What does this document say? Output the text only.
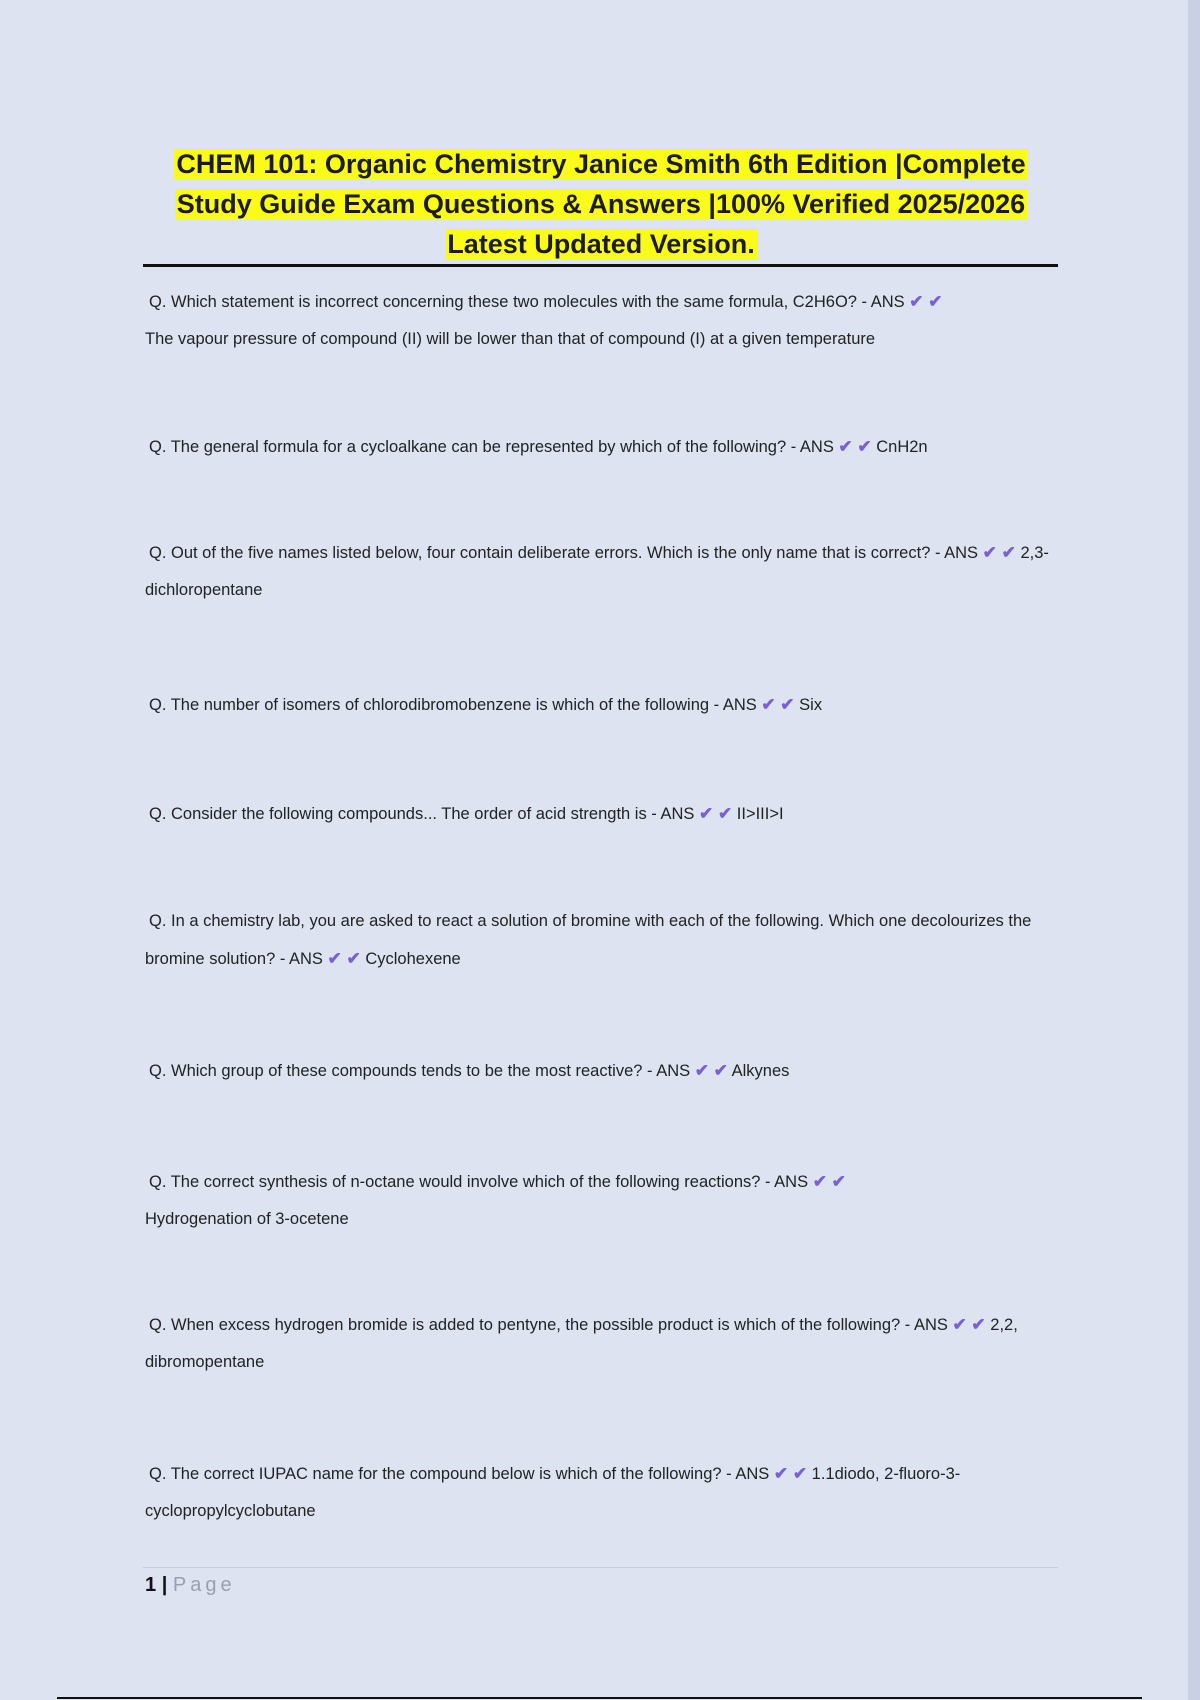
CHEM 101: Organic Chemistry Janice Smith 6th Edition |Complete
Study Guide Exam Questions & Answers |100% Verified 2025/2026
Latest Updated Version.
Q. Which statement is incorrect concerning these two molecules with the same formula, C2H6O? - ANS ✔ ✔
The vapour pressure of compound (II) will be lower than that of compound (I) at a given temperature
Q. The general formula for a cycloalkane can be represented by which of the following? - ANS ✔ ✔ CnH2n
Q. Out of the five names listed below, four contain deliberate errors. Which is the only name that is correct? - ANS ✔ ✔ 2,3-dichloropentane
Q. The number of isomers of chlorodibromobenzene is which of the following - ANS ✔ ✔ Six
Q. Consider the following compounds... The order of acid strength is - ANS ✔ ✔ II>III>I
Q. In a chemistry lab, you are asked to react a solution of bromine with each of the following. Which one decolourizes the bromine solution? - ANS ✔ ✔ Cyclohexene
Q. Which group of these compounds tends to be the most reactive? - ANS ✔ ✔ Alkynes
Q. The correct synthesis of n-octane would involve which of the following reactions? - ANS ✔ ✔
Hydrogenation of 3-ocetene
Q. When excess hydrogen bromide is added to pentyne, the possible product is which of the following? - ANS ✔ ✔ 2,2, dibromopentane
Q. The correct IUPAC name for the compound below is which of the following? - ANS ✔ ✔ 1.1diodo, 2-fluoro-3-cyclopropylcyclobutane
1 | Page
